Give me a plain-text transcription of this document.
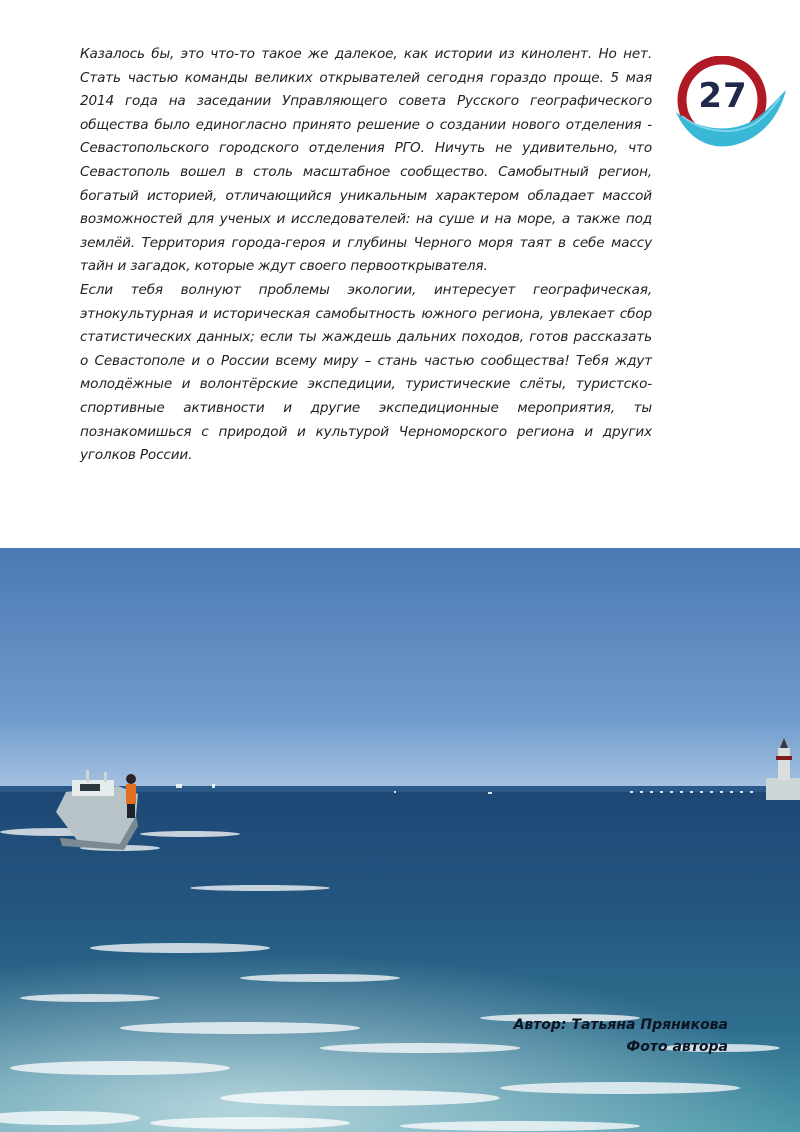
Казалось бы, это что-то такое же далекое, как истории из кинолент. Но нет. Стать частью команды великих открывателей сегодня гораздо проще. 5 мая 2014 года на заседании Управляющего совета Русского географического общества было единогласно принято решение о создании нового отделения - Севастопольского городского отделения РГО. Ничуть не удивительно, что Севастополь вошел в столь масштабное сообщество. Самобытный регион, богатый историей, отличающийся уникальным характером обладает массой возможностей для ученых и исследователей: на суше и на море, а также под землёй. Территория города-героя и глубины Черного моря таят в себе массу тайн и загадок, которые ждут своего первооткрывателя.

Если тебя волнуют проблемы экологии, интересует географическая, этнокультурная и историческая самобытность южного региона, увлекает сбор статистических данных; если ты жаждешь дальних походов, готов рассказать о Севастополе и о России всему миру – стань частью сообщества! Тебя ждут молодёжные и волонтёрские экспедиции, туристические слёты, туристско- спортивные активности и другие экспедиционные мероприятия, ты познакомишься с природой и культурой Черноморского региона и других уголков России.

27
Автор: Татьяна Пряникова
Фото автора
